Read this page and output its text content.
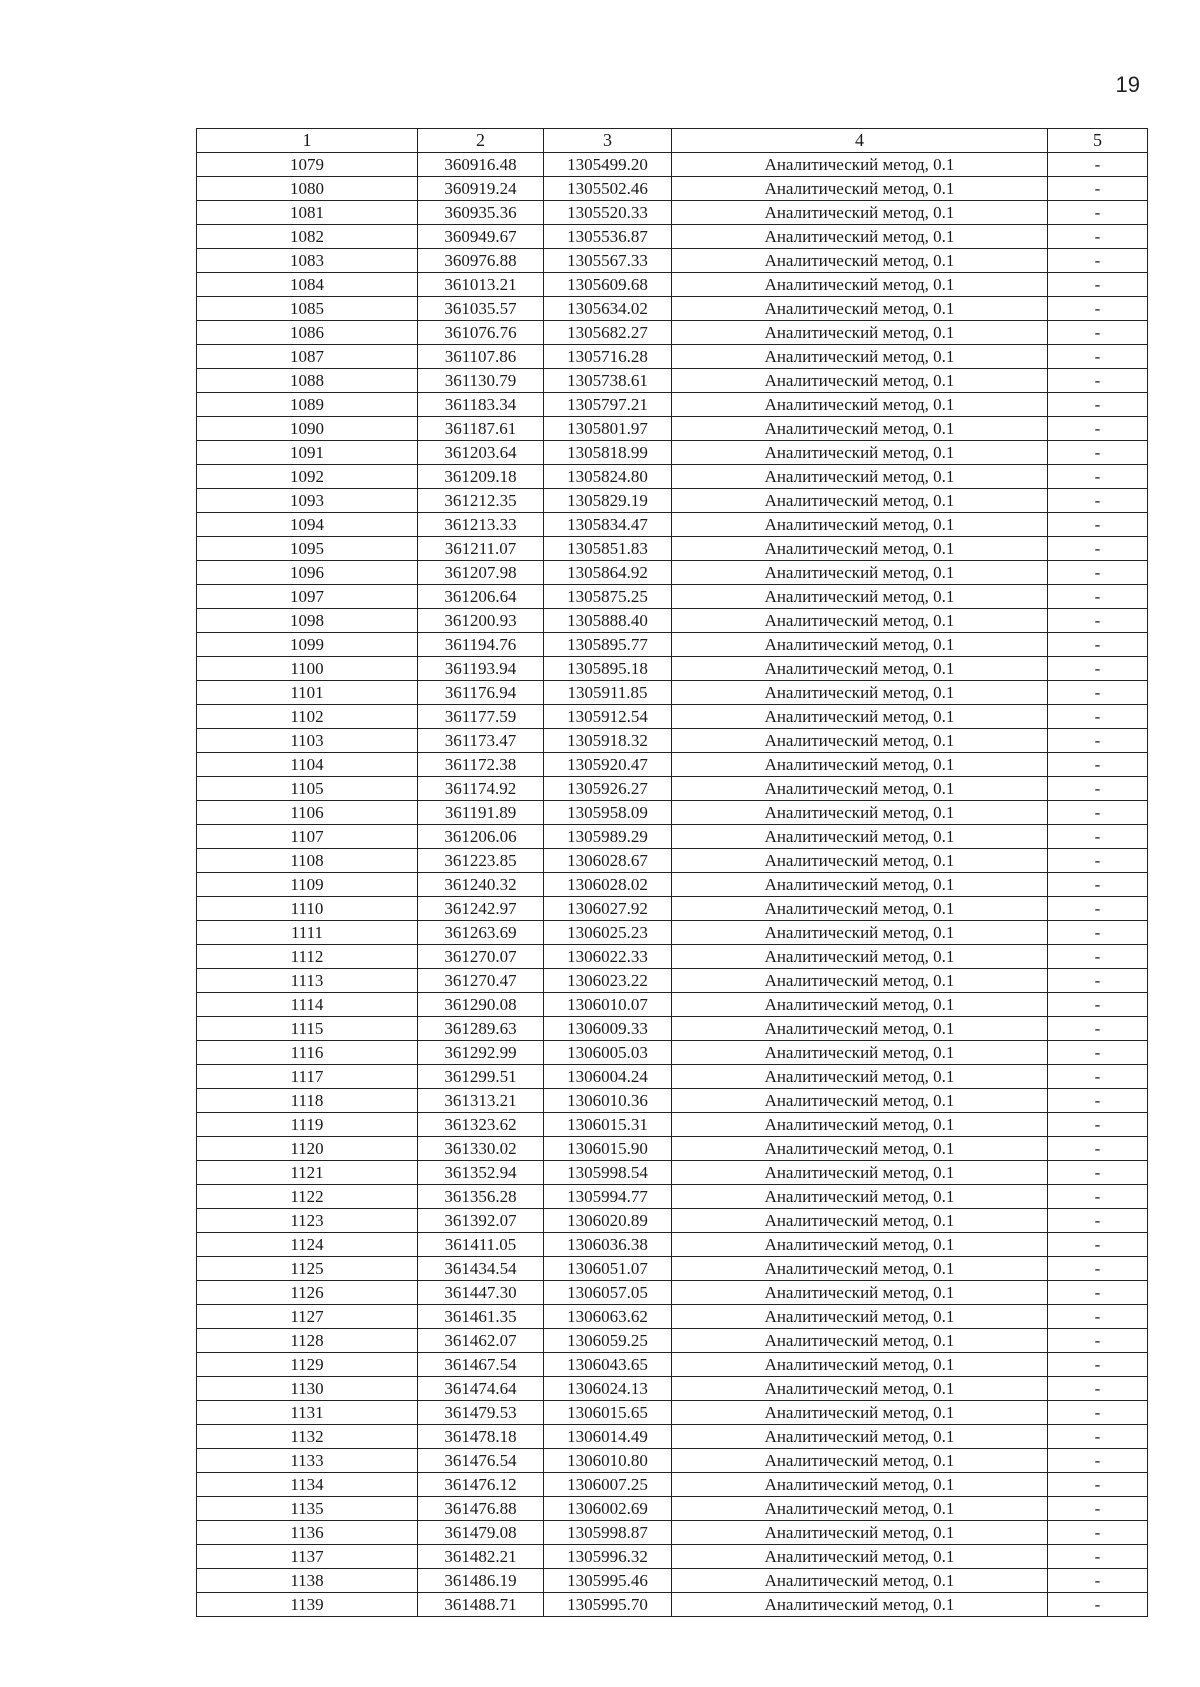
19
1	2	3	4	5
1079	360916.48	1305499.20	Аналитический метод, 0.1	-
1080	360919.24	1305502.46	Аналитический метод, 0.1	-
1081	360935.36	1305520.33	Аналитический метод, 0.1	-
1082	360949.67	1305536.87	Аналитический метод, 0.1	-
1083	360976.88	1305567.33	Аналитический метод, 0.1	-
1084	361013.21	1305609.68	Аналитический метод, 0.1	-
1085	361035.57	1305634.02	Аналитический метод, 0.1	-
1086	361076.76	1305682.27	Аналитический метод, 0.1	-
1087	361107.86	1305716.28	Аналитический метод, 0.1	-
1088	361130.79	1305738.61	Аналитический метод, 0.1	-
1089	361183.34	1305797.21	Аналитический метод, 0.1	-
1090	361187.61	1305801.97	Аналитический метод, 0.1	-
1091	361203.64	1305818.99	Аналитический метод, 0.1	-
1092	361209.18	1305824.80	Аналитический метод, 0.1	-
1093	361212.35	1305829.19	Аналитический метод, 0.1	-
1094	361213.33	1305834.47	Аналитический метод, 0.1	-
1095	361211.07	1305851.83	Аналитический метод, 0.1	-
1096	361207.98	1305864.92	Аналитический метод, 0.1	-
1097	361206.64	1305875.25	Аналитический метод, 0.1	-
1098	361200.93	1305888.40	Аналитический метод, 0.1	-
1099	361194.76	1305895.77	Аналитический метод, 0.1	-
1100	361193.94	1305895.18	Аналитический метод, 0.1	-
1101	361176.94	1305911.85	Аналитический метод, 0.1	-
1102	361177.59	1305912.54	Аналитический метод, 0.1	-
1103	361173.47	1305918.32	Аналитический метод, 0.1	-
1104	361172.38	1305920.47	Аналитический метод, 0.1	-
1105	361174.92	1305926.27	Аналитический метод, 0.1	-
1106	361191.89	1305958.09	Аналитический метод, 0.1	-
1107	361206.06	1305989.29	Аналитический метод, 0.1	-
1108	361223.85	1306028.67	Аналитический метод, 0.1	-
1109	361240.32	1306028.02	Аналитический метод, 0.1	-
1110	361242.97	1306027.92	Аналитический метод, 0.1	-
1111	361263.69	1306025.23	Аналитический метод, 0.1	-
1112	361270.07	1306022.33	Аналитический метод, 0.1	-
1113	361270.47	1306023.22	Аналитический метод, 0.1	-
1114	361290.08	1306010.07	Аналитический метод, 0.1	-
1115	361289.63	1306009.33	Аналитический метод, 0.1	-
1116	361292.99	1306005.03	Аналитический метод, 0.1	-
1117	361299.51	1306004.24	Аналитический метод, 0.1	-
1118	361313.21	1306010.36	Аналитический метод, 0.1	-
1119	361323.62	1306015.31	Аналитический метод, 0.1	-
1120	361330.02	1306015.90	Аналитический метод, 0.1	-
1121	361352.94	1305998.54	Аналитический метод, 0.1	-
1122	361356.28	1305994.77	Аналитический метод, 0.1	-
1123	361392.07	1306020.89	Аналитический метод, 0.1	-
1124	361411.05	1306036.38	Аналитический метод, 0.1	-
1125	361434.54	1306051.07	Аналитический метод, 0.1	-
1126	361447.30	1306057.05	Аналитический метод, 0.1	-
1127	361461.35	1306063.62	Аналитический метод, 0.1	-
1128	361462.07	1306059.25	Аналитический метод, 0.1	-
1129	361467.54	1306043.65	Аналитический метод, 0.1	-
1130	361474.64	1306024.13	Аналитический метод, 0.1	-
1131	361479.53	1306015.65	Аналитический метод, 0.1	-
1132	361478.18	1306014.49	Аналитический метод, 0.1	-
1133	361476.54	1306010.80	Аналитический метод, 0.1	-
1134	361476.12	1306007.25	Аналитический метод, 0.1	-
1135	361476.88	1306002.69	Аналитический метод, 0.1	-
1136	361479.08	1305998.87	Аналитический метод, 0.1	-
1137	361482.21	1305996.32	Аналитический метод, 0.1	-
1138	361486.19	1305995.46	Аналитический метод, 0.1	-
1139	361488.71	1305995.70	Аналитический метод, 0.1	-
